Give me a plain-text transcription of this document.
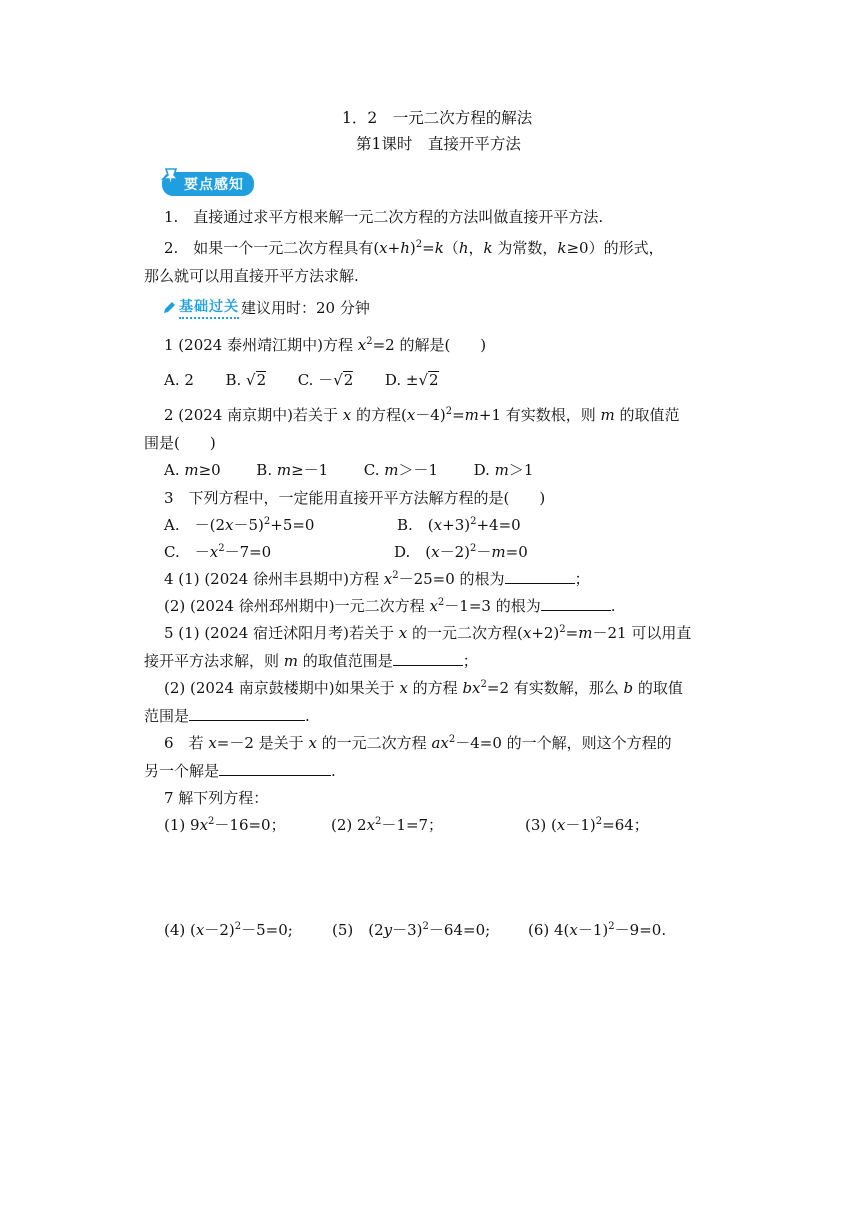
1．2　一元二次方程的解法
第1课时　直接开平方法
要点感知
1.　直接通过求平方根来解一元二次方程的方法叫做直接开平方法.
2.　如果一个一元二次方程具有$(x+h)^2=k(h$，k 为常数，k≥0）的形式，
那么就可以用直接开平方法求解.
基础过关 建议用时：20 分钟
1 (2024 泰州靖江期中)方程 $x^2=2$ 的解是(　　)
A. 2 B. √2 C. －√2 D. ±√2
2 (2024 南京期中)若关于 x 的方程$(x-4)^2=m+1$ 有实数根，则 m 的取值范
围是(　　)
A. m≥0 B. m≥－1 C. m＞－1 D. m＞1
3　下列方程中，一定能用直接开平方法解方程的是(　　)
A.　$-(2x-5)^2+5=0$	B.　$(x+3)^2+4=0$
C.　$-x^2-7=0$	D.　$(x-2)^2-m=0$
4 (1) (2024 徐州丰县期中)方程 $x^2-25=0$ 的根为	；
(2) (2024 徐州邳州期中)一元二次方程 $x^2-1=3$ 的根为	.
5 (1) (2024 宿迁沭阳月考)若关于 x 的一元二次方程$(x+2)^2=m-21$ 可以用直
接开平方法求解，则 m 的取值范围是	；
(2) (2024 南京鼓楼期中)如果关于 x 的方程 $bx^2=2$ 有实数解，那么 b 的取值
范围是	.
6　若 x=－2 是关于 x 的一元二次方程 $ax^2-4=0$ 的一个解，则这个方程的
另一个解是	.
7 解下列方程：
(1) $9x^2-16=0$；	(2) $2x^2-1=7$；	(3) $(x-1)^2=64$；
(4) $(x-2)^2-5=0$;	(5)　$(2y-3)^2-64=0$;	(6) $4(x-1)^2-9=0$.
